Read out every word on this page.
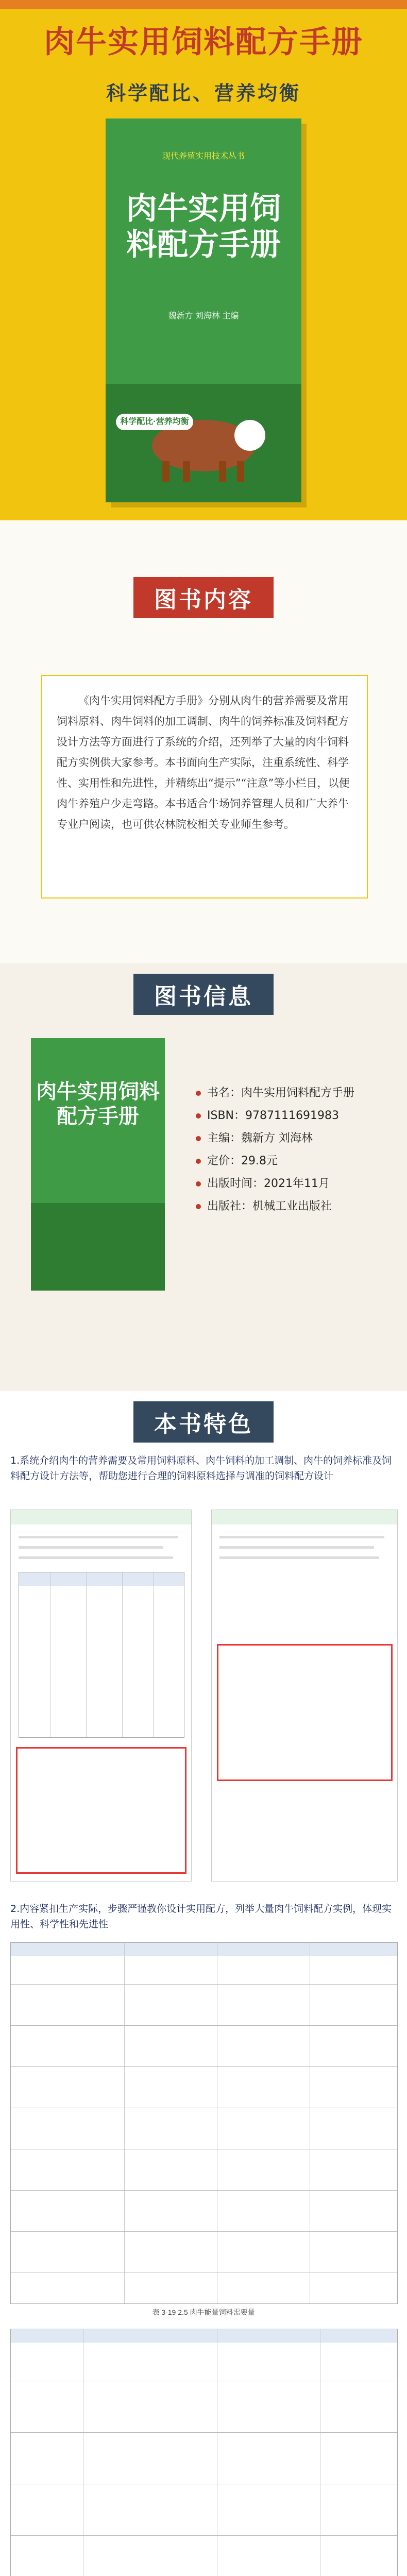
肉牛实用饲料配方手册
科学配比、营养均衡
现代养殖实用技术丛书
肉牛实用饲料配方手册
魏新方 刘海林 主编
科学配比·营养均衡
图书内容
《肉牛实用饲料配方手册》分别从肉牛的营养需要及常用饲料原料、肉牛饲料的加工调制、肉牛的饲养标准及饲料配方设计方法等方面进行了系统的介绍，还列举了大量的肉牛饲料配方实例供大家参考。本书面向生产实际，注重系统性、科学性、实用性和先进性，并精练出“提示”“注意”等小栏目，以便肉牛养殖户少走弯路。本书适合牛场饲养管理人员和广大养牛专业户阅读，也可供农林院校相关专业师生参考。
图书信息
肉牛实用饲料配方手册
书名：肉牛实用饲料配方手册
ISBN：9787111691983
主编：魏新方 刘海林
定价：29.8元
出版时间：2021年11月
出版社：机械工业出版社
本书特色
1.系统介绍肉牛的营养需要及常用饲料原料、肉牛饲料的加工调制、肉牛的饲养标准及饲料配方设计方法等，帮助您进行合理的饲料原料选择与调准的饲料配方设计
2.内容紧扣生产实际，步骤严谨教你设计实用配方，列举大量肉牛饲料配方实例，体现实用性、科学性和先进性
表 3-19 2.5 肉牛能量饲料需要量
